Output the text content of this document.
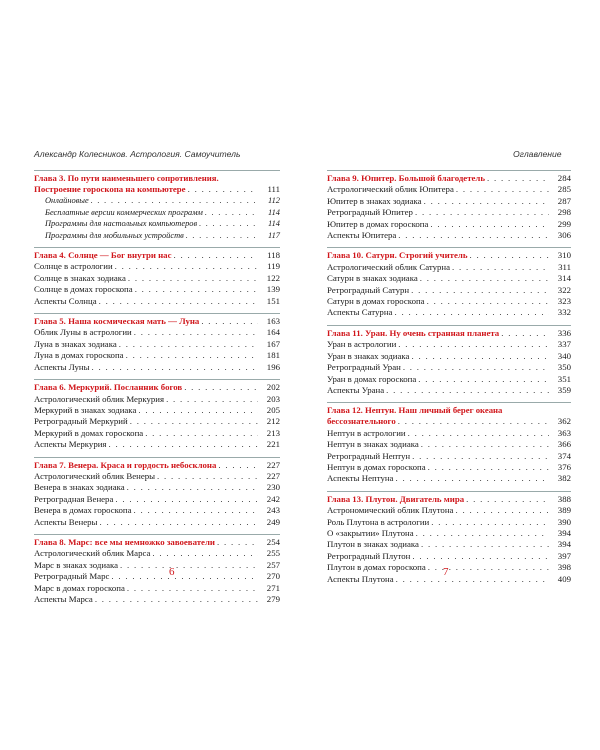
Александр Колесников. Астрология. Самоучитель	Оглавление
Глава 3. По пути наименьшего сопротивления.
Построение гороскопа на компьютере . . .	111
Онлайновые . . .	112
Бесплатные версии коммерческих программ . . .	114
Программы для настольных компьютеров . . .	114
Программы для мобильных устройств . . .	117
Глава 4. Солнце — Бог внутри нас . . .	118
Солнце в астрологии . . .	119
Солнце в знаках зодиака . . .	122
Солнце в домах гороскопа . . .	139
Аспекты Солнца . . .	151
Глава 5. Наша космическая мать — Луна . . .	163
Облик Луны в астрологии . . .	164
Луна в знаках зодиака . . .	167
Луна в домах гороскопа . . .	181
Аспекты Луны . . .	196
Глава 6. Меркурий. Посланник богов . . .	202
Астрологический облик Меркурия . . .	203
Меркурий в знаках зодиака . . .	205
Ретроградный Меркурий . . .	212
Меркурий в домах гороскопа . . .	213
Аспекты Меркурия . . .	221
Глава 7. Венера. Краса и гордость небосклона . . .	227
Астрологический облик Венеры . . .	227
Венера в знаках зодиака . . .	230
Ретроградная Венера . . .	242
Венера в домах гороскопа . . .	243
Аспекты Венеры . . .	249
Глава 8. Марс: все мы немножко завоеватели . . .	254
Астрологический облик Марса . . .	255
Марс в знаках зодиака . . .	257
Ретроградный Марс . . .	270
Марс в домах гороскопа . . .	271
Аспекты Марса . . .	279
Глава 9. Юпитер. Большой благодетель . . .	284
Астрологический облик Юпитера . . .	285
Юпитер в знаках зодиака . . .	287
Ретроградный Юпитер . . .	298
Юпитер в домах гороскопа . . .	299
Аспекты Юпитера . . .	306
Глава 10. Сатурн. Строгий учитель . . .	310
Астрологический облик Сатурна . . .	311
Сатурн в знаках зодиака . . .	314
Ретроградный Сатурн . . .	322
Сатурн в домах гороскопа . . .	323
Аспекты Сатурна . . .	332
Глава 11. Уран. Ну очень странная планета . . .	336
Уран в астрологии . . .	337
Уран в знаках зодиака . . .	340
Ретроградный Уран . . .	350
Уран в домах гороскопа . . .	351
Аспекты Урана . . .	359
Глава 12. Нептун. Наш личный берег океана
бессознательного . . .	362
Нептун в астрологии . . .	363
Нептун в знаках зодиака . . .	366
Ретроградный Нептун . . .	374
Нептун в домах гороскопа . . .	376
Аспекты Нептуна . . .	382
Глава 13. Плутон. Двигатель мира . . .	388
Астрономический облик Плутона . . .	389
Роль Плутона в астрологии . . .	390
О «закрытии» Плутона . . .	394
Плутон в знаках зодиака . . .	394
Ретроградный Плутон . . .	397
Плутон в домах гороскопа . . .	398
Аспекты Плутона . . .	409
6	7
